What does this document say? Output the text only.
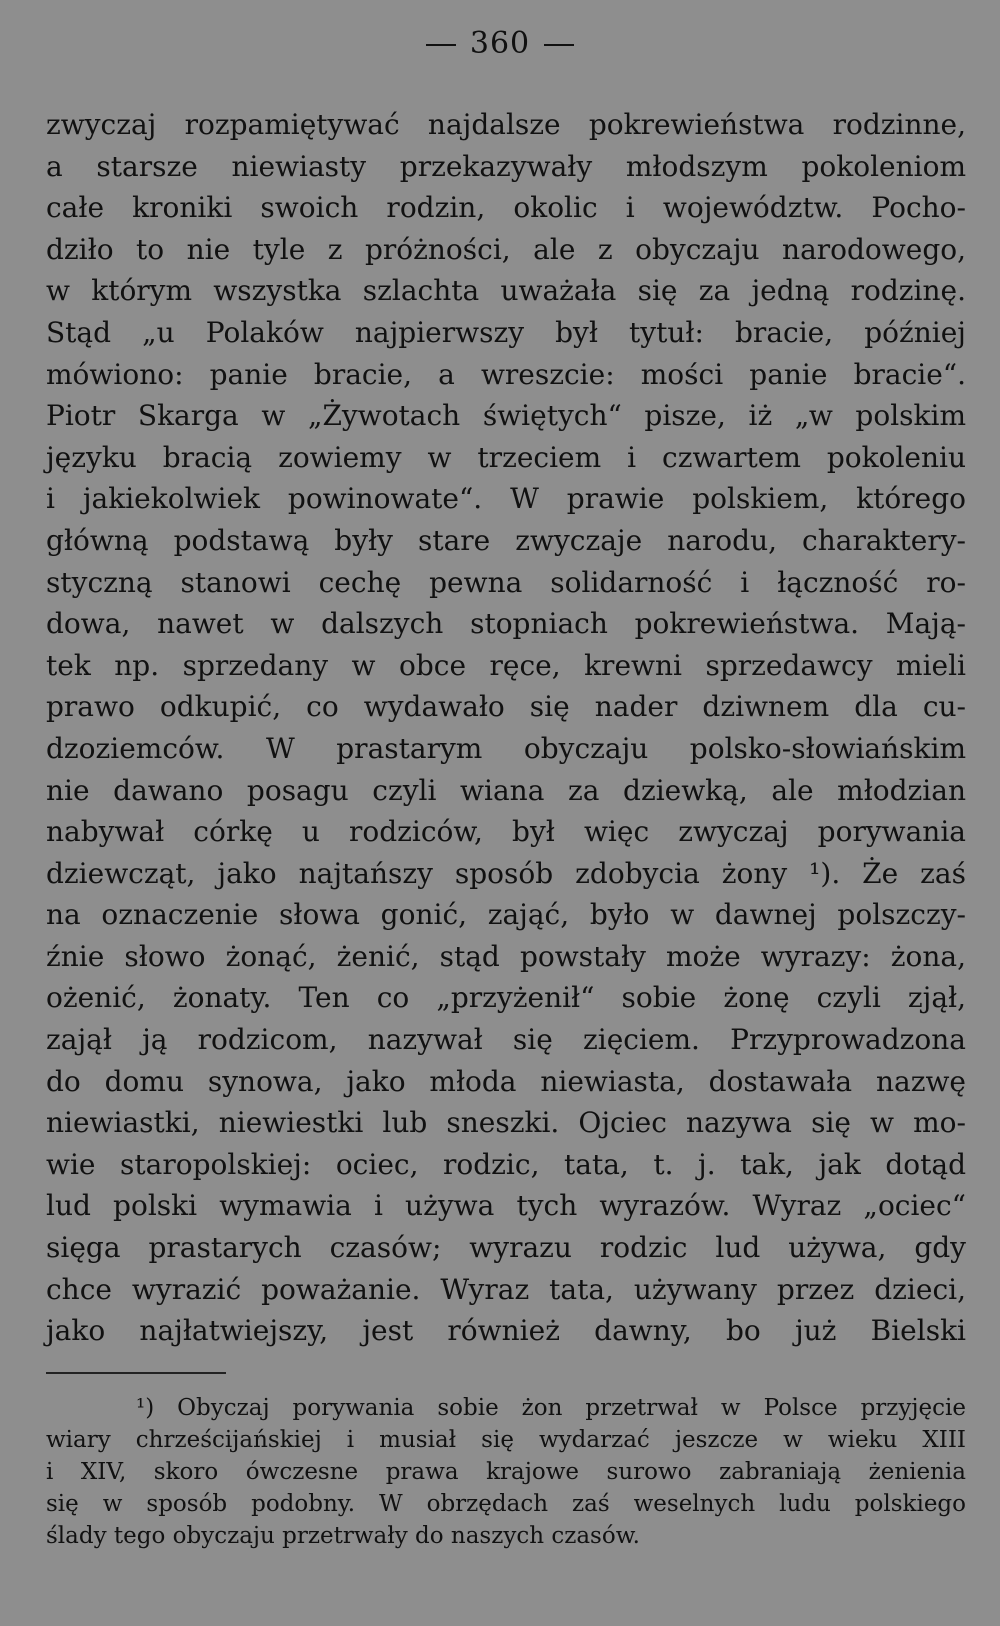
360
zwyczaj rozpamiętywać najdalsze pokrewieństwa rodzinne,
a starsze niewiasty przekazywały młodszym pokoleniom
całe kroniki swoich rodzin, okolic i województw. Pocho-
dziło to nie tyle z próżności, ale z obyczaju narodowego,
w którym wszystka szlachta uważała się za jedną rodzinę.
Stąd „u Polaków najpierwszy był tytuł: bracie, później
mówiono: panie bracie, a wreszcie: mości panie bracie“.
Piotr Skarga w „Żywotach świętych“ pisze, iż „w polskim
języku bracią zowiemy w trzeciem i czwartem pokoleniu
i jakiekolwiek powinowate“. W prawie polskiem, którego
główną podstawą były stare zwyczaje narodu, charaktery-
styczną stanowi cechę pewna solidarność i łączność ro-
dowa, nawet w dalszych stopniach pokrewieństwa. Mają-
tek np. sprzedany w obce ręce, krewni sprzedawcy mieli
prawo odkupić, co wydawało się nader dziwnem dla cu-
dzoziemców. W prastarym obyczaju polsko-słowiańskim
nie dawano posagu czyli wiana za dziewką, ale młodzian
nabywał córkę u rodziców, był więc zwyczaj porywania
dziewcząt, jako najtańszy sposób zdobycia żony ¹). Że zaś
na oznaczenie słowa gonić, zająć, było w dawnej polszczy-
źnie słowo żonąć, żenić, stąd powstały może wyrazy: żona,
ożenić, żonaty. Ten co „przyżenił“ sobie żonę czyli zjął,
zajął ją rodzicom, nazywał się zięciem. Przyprowadzona
do domu synowa, jako młoda niewiasta, dostawała nazwę
niewiastki, niewiestki lub sneszki. Ojciec nazywa się w mo-
wie staropolskiej: ociec, rodzic, tata, t. j. tak, jak dotąd
lud polski wymawia i używa tych wyrazów. Wyraz „ociec“
sięga prastarych czasów; wyrazu rodzic lud używa, gdy
chce wyrazić poważanie. Wyraz tata, używany przez dzieci,
jako najłatwiejszy, jest również dawny, bo już Bielski
¹) Obyczaj porywania sobie żon przetrwał w Polsce przyjęcie
wiary chrześcijańskiej i musiał się wydarzać jeszcze w wieku XIII
i XIV, skoro ówczesne prawa krajowe surowo zabraniają żenienia
się w sposób podobny. W obrzędach zaś weselnych ludu polskiego
ślady tego obyczaju przetrwały do naszych czasów.
